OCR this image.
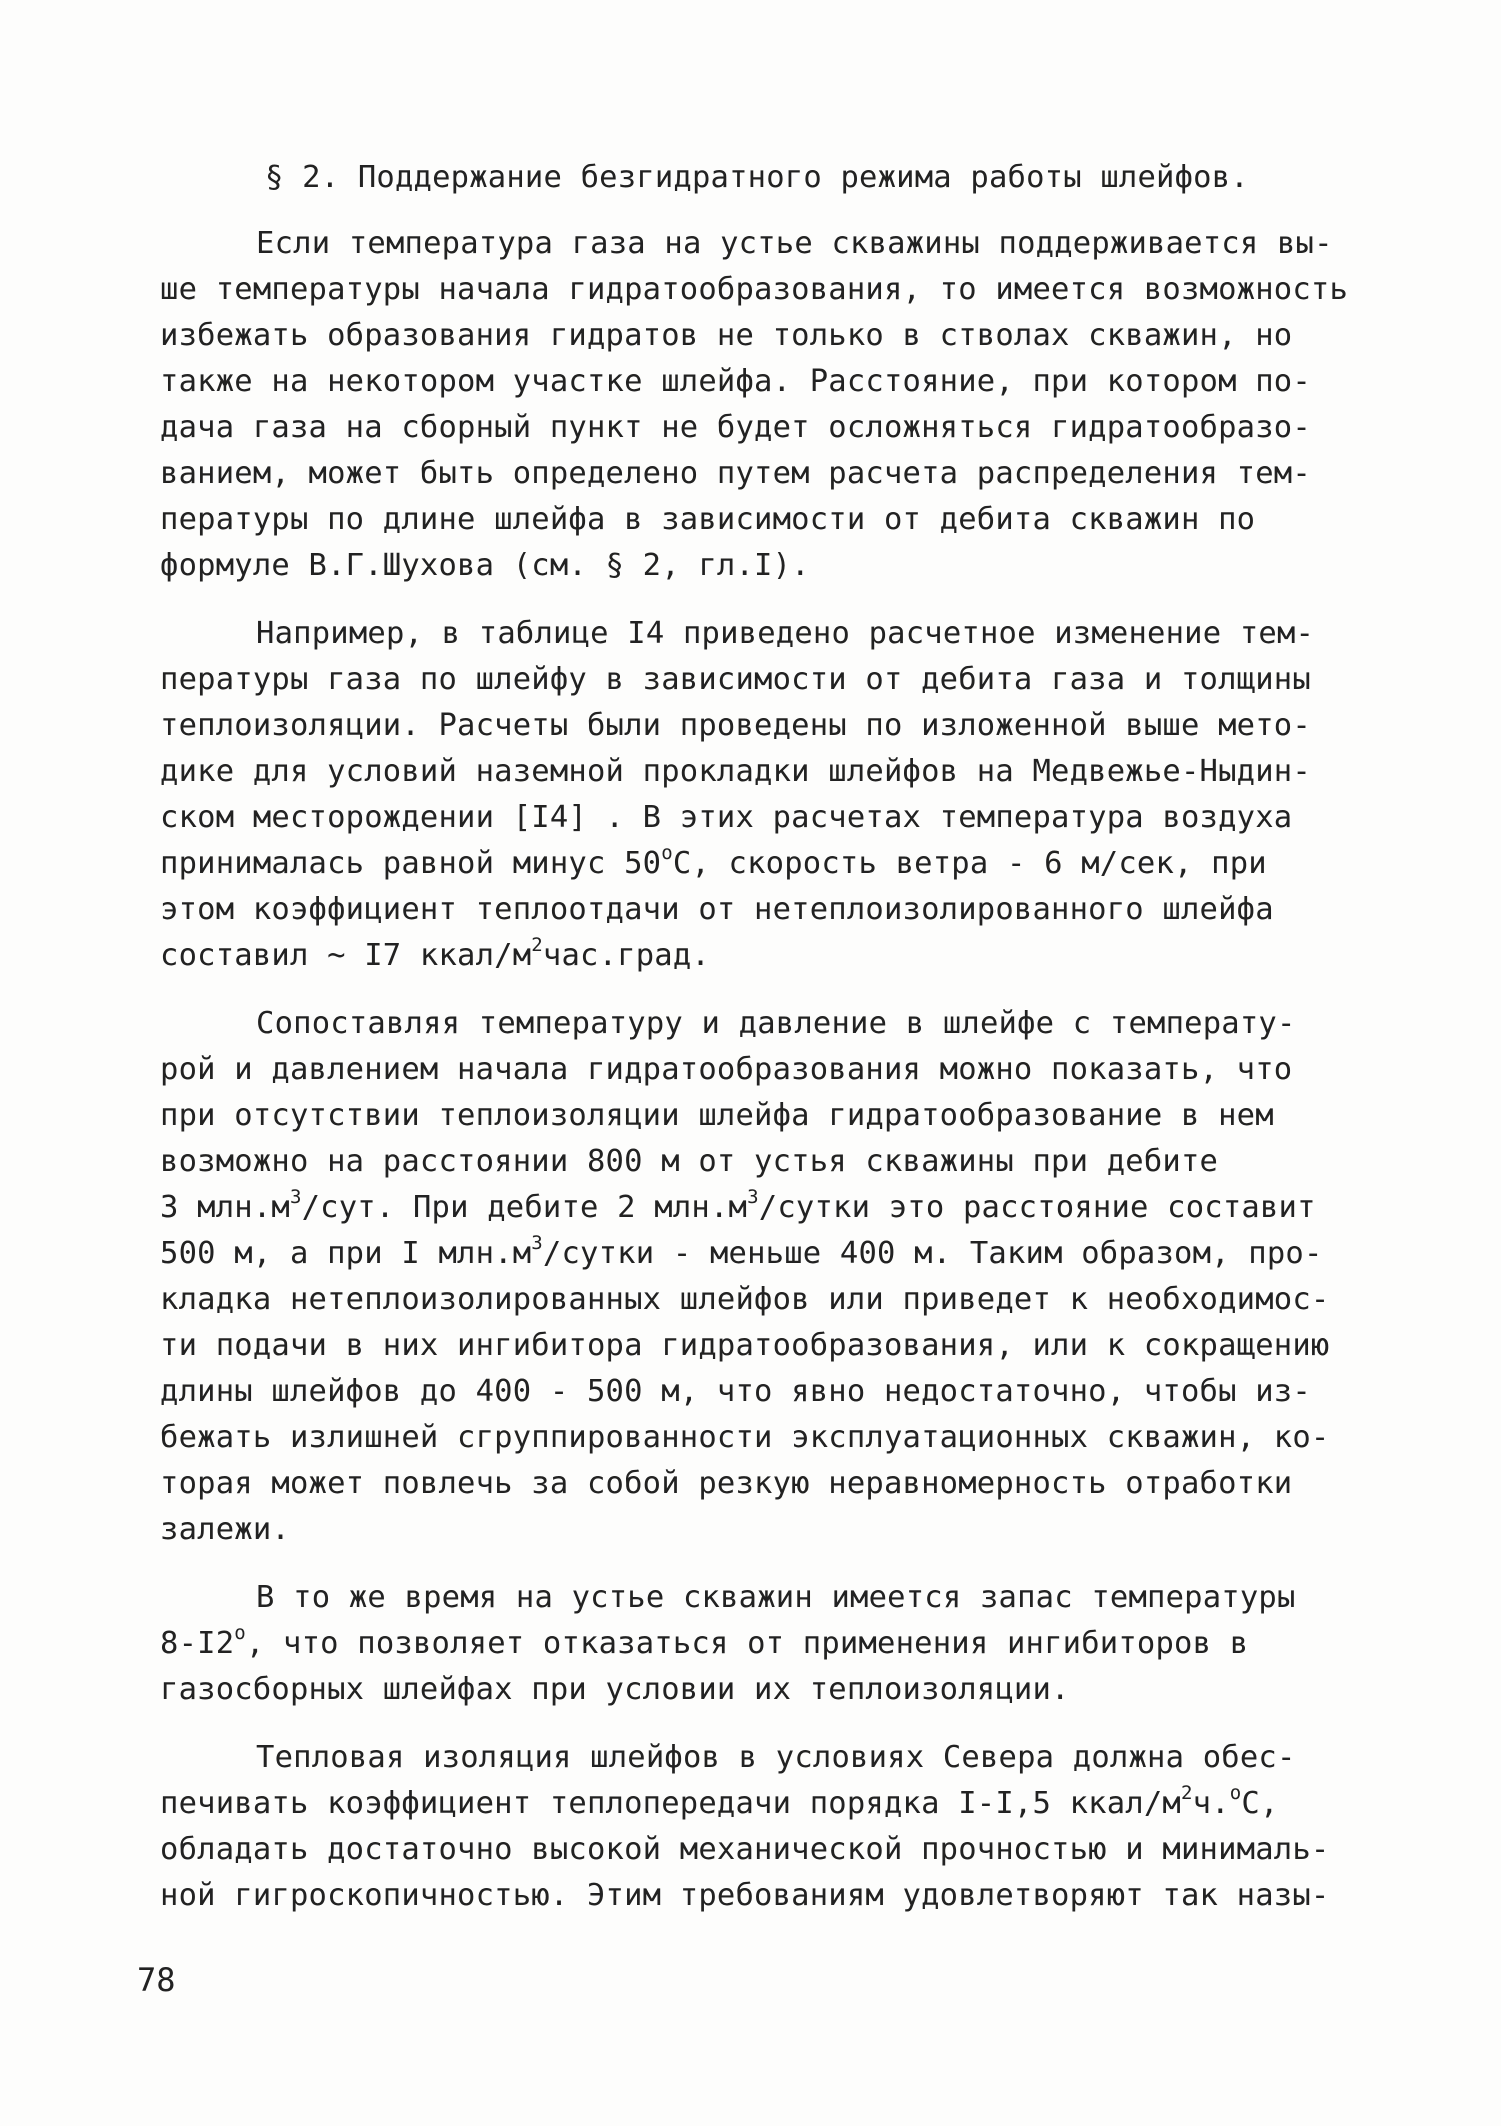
§ 2. Поддержание безгидратного режима работы шлейфов.

Если температура газа на устье скважины поддерживается вы-

ше температуры начала гидратообразования, то имеется возможность

избежать образования гидратов не только в стволах скважин, но

также на некотором участке шлейфа. Расстояние, при котором по-

дача газа на сборный пункт не будет осложняться гидратообразо-

ванием, может быть определено путем расчета распределения тем-

пературы по длине шлейфа в зависимости от дебита скважин по

формуле В.Г.Шухова (см. § 2, гл.I).

Например, в таблице I4 приведено расчетное изменение тем-

пературы газа по шлейфу в зависимости от дебита газа и толщины

теплоизоляции. Расчеты были проведены по изложенной выше мето-

дике для условий наземной прокладки шлейфов на Медвежье-Ныдин-

ском месторождении [I4] . В этих расчетах температура воздуха

принималась равной минус $50^оС$, скорость ветра - 6 м/сек, при

этом коэффициент теплоотдачи от нетеплоизолированного шлейфа

составил ~ I7 ккал/$м^2час.град$.

Сопоставляя температуру и давление в шлейфе с температу-

рой и давлением начала гидратообразования можно показать, что

при отсутствии теплоизоляции шлейфа гидратообразование в нем

возможно на расстоянии 800 м от устья скважины при дебите

3 $млн.м^3$/сут. При дебите 2 $млн.м^3$/сутки это расстояние составит

500 м, а при I $млн.м^3$/сутки - меньше 400 м. Таким образом, про-

кладка нетеплоизолированных шлейфов или приведет к необходимос-

ти подачи в них ингибитора гидратообразования, или к сокращению

длины шлейфов до 400 - 500 м, что явно недостаточно, чтобы из-

бежать излишней сгруппированности эксплуатационных скважин, ко-

торая может повлечь за собой резкую неравномерность отработки

залежи.

В то же время на устье скважин имеется запас температуры

$8-I2^о$, что позволяет отказаться от применения ингибиторов в

газосборных шлейфах при условии их теплоизоляции.

Тепловая изоляция шлейфов в условиях Севера должна обес-

печивать коэффициент теплопередачи порядка I-I,5 ккал/$м^2ч.^оС$,

обладать достаточно высокой механической прочностью и минималь-

ной гигроскопичностью. Этим требованиям удовлетворяют так назы-

78
